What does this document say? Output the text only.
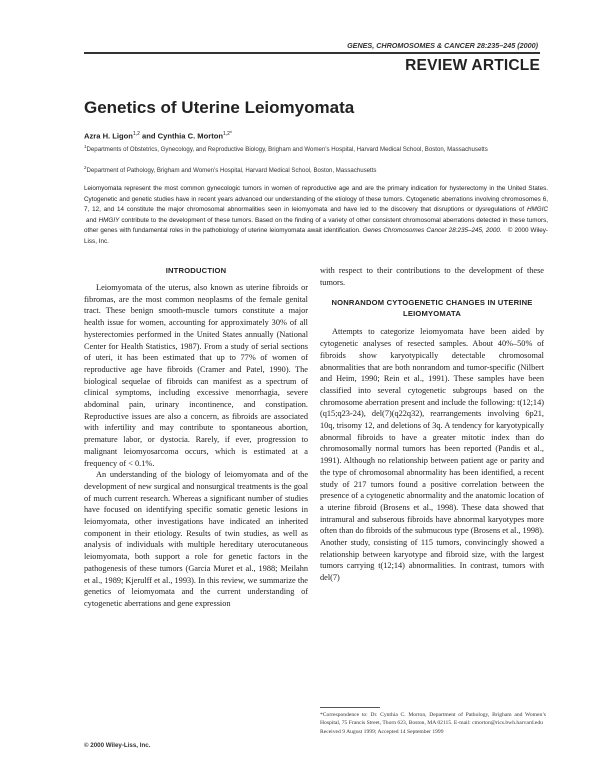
GENES, CHROMOSOMES & CANCER 28:235–245 (2000)
REVIEW ARTICLE
Genetics of Uterine Leiomyomata
Azra H. Ligon$^{1,2}$ and Cynthia C. Morton$^{1,2*}$
$^1$Departments of Obstetrics, Gynecology, and Reproductive Biology, Brigham and Women’s Hospital, Harvard Medical School, Boston, Massachusetts
$^2$Department of Pathology, Brigham and Women’s Hospital, Harvard Medical School, Boston, Massachusetts
Leiomyomata represent the most common gynecologic tumors in women of reproductive age and are the primary indication for hysterectomy in the United States. Cytogenetic and genetic studies have in recent years advanced our understanding of the etiology of these tumors. Cytogenetic aberrations involving chromosomes 6, 7, 12, and 14 constitute the major chromosomal abnormalities seen in leiomyomata and have led to the discovery that disruptions or dysregulations of HMGIC and HMGIY contribute to the development of these tumors. Based on the finding of a variety of other consistent chromosomal aberrations detected in these tumors, other genes with fundamental roles in the pathobiology of uterine leiomyomata await identification. Genes Chromosomes Cancer 28:235–245, 2000. © 2000 Wiley-Liss, Inc.
INTRODUCTION

Leiomyomata of the uterus, also known as uterine fibroids or fibromas, are the most common neoplasms of the female genital tract. These benign smooth-muscle tumors constitute a major health issue for women, accounting for approximately 30% of all hysterectomies performed in the United States annually (National Center for Health Statistics, 1987). From a study of serial sections of uteri, it has been estimated that up to 77% of women of reproductive age have fibroids (Cramer and Patel, 1990). The biological sequelae of fibroids can manifest as a spectrum of clinical symptoms, including excessive menorrhagia, severe abdominal pain, urinary incontinence, and constipation. Reproductive issues are also a concern, as fibroids are associated with infertility and may contribute to spontaneous abortion, premature labor, or dystocia. Rarely, if ever, progression to malignant leiomyosarcoma occurs, which is estimated at a frequency of < 0.1%.

An understanding of the biology of leiomyomata and of the development of new surgical and nonsurgical treatments is the goal of much current research. Whereas a significant number of studies have focused on identifying specific somatic genetic lesions in leiomyomata, other investigations have indicated an inherited component in their etiology. Results of twin studies, as well as analysis of individuals with multiple hereditary uterocutaneous leiomyomata, both support a role for genetic factors in the pathogenesis of these tumors (Garcia Muret et al., 1988; Meilahn et al., 1989; Kjerulff et al., 1993). In this review, we summarize the genetics of leiomyomata and the current understanding of cytogenetic aberrations and gene expression

with respect to their contributions to the development of these tumors.

NONRANDOM CYTOGENETIC CHANGES IN UTERINE LEIOMYOMATA

Attempts to categorize leiomyomata have been aided by cytogenetic analyses of resected samples. About 40%–50% of fibroids show karyotypically detectable chromosomal abnormalities that are both nonrandom and tumor-specific (Nilbert and Heim, 1990; Rein et al., 1991). These samples have been classified into several cytogenetic subgroups based on the chromosome aberration present and include the following: t(12;14)(q15;q23-24), del(7)(q22q32), rearrangements involving 6p21, 10q, trisomy 12, and deletions of 3q. A tendency for karyotypically abnormal fibroids to have a greater mitotic index than do chromosomally normal tumors has been reported (Pandis et al., 1991). Although no relationship between patient age or parity and the type of chromosomal abnormality has been identified, a recent study of 217 tumors found a positive correlation between the presence of a cytogenetic abnormality and the anatomic location of a uterine fibroid (Brosens et al., 1998). These data showed that intramural and subserous fibroids have abnormal karyotypes more often than do fibroids of the submucous type (Brosens et al., 1998). Another study, consisting of 115 tumors, convincingly showed a relationship between karyotype and fibroid size, with the largest tumors carrying t(12;14) abnormalities. In contrast, tumors with del(7)

*Correspondence to: Dr. Cynthia C. Morton, Department of Pathology, Brigham and Women’s Hospital, 75 Francis Street, Thorn 623, Boston, MA 02115. E-mail: cmorton@rics.bwh.harvard.edu

Received 9 August 1999; Accepted 14 September 1999

© 2000 Wiley-Liss, Inc.
